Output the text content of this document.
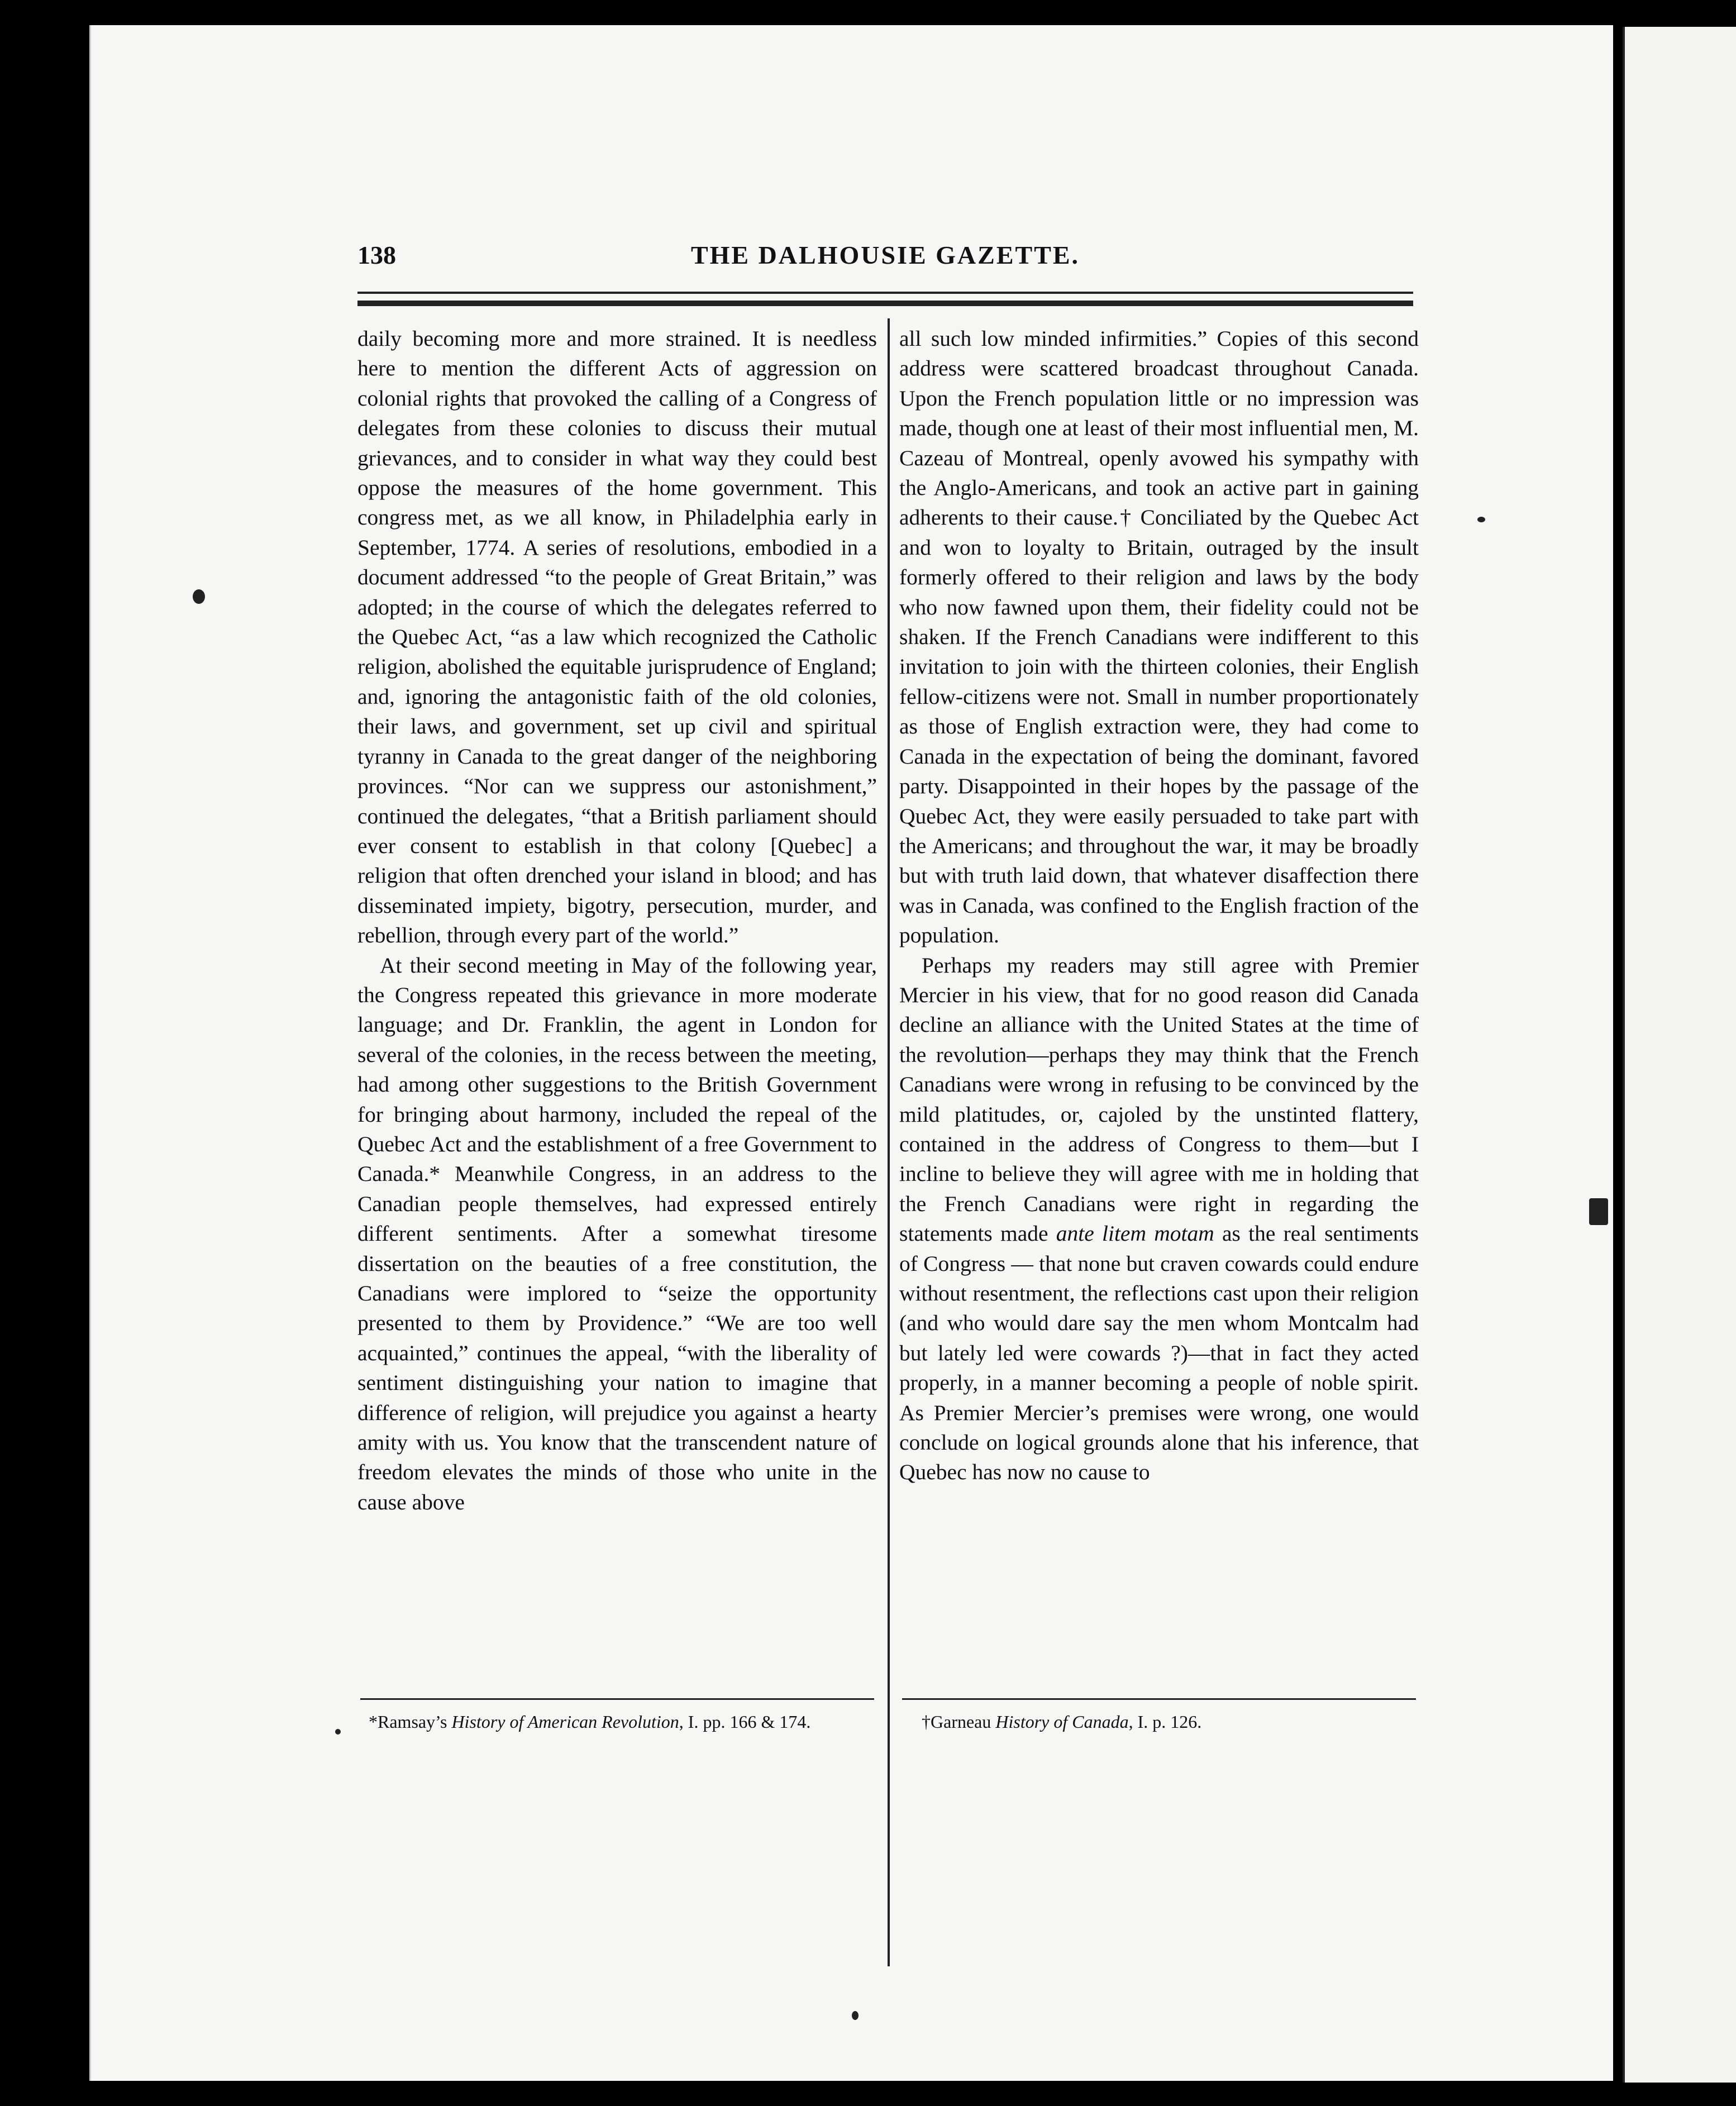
138	THE DALHOUSIE GAZETTE.

daily becoming more and more strained. It is needless here to mention the different Acts of aggression on colonial rights that provoked the calling of a Congress of delegates from these colonies to discuss their mutual grievances, and to consider in what way they could best oppose the measures of the home government. This congress met, as we all know, in Philadelphia early in September, 1774. A series of resolutions, embodied in a document addressed “to the people of Great Britain,” was adopted; in the course of which the delegates referred to the Quebec Act, “as a law which recognized the Catholic religion, abolished the equitable jurisprudence of England; and, ignoring the antagonistic faith of the old colonies, their laws, and government, set up civil and spiritual tyranny in Canada to the great danger of the neighboring provinces. “Nor can we suppress our astonishment,” continued the delegates, “that a British parliament should ever consent to establish in that colony [Quebec] a religion that often drenched your island in blood; and has disseminated impiety, bigotry, persecution, murder, and rebellion, through every part of the world.”

At their second meeting in May of the following year, the Congress repeated this grievance in more moderate language; and Dr. Franklin, the agent in London for several of the colonies, in the recess between the meeting, had among other suggestions to the British Government for bringing about harmony, included the repeal of the Quebec Act and the establishment of a free Government to Canada.* Meanwhile Congress, in an address to the Canadian people themselves, had expressed entirely different sentiments. After a somewhat tiresome dissertation on the beauties of a free constitution, the Canadians were implored to “seize the opportunity presented to them by Providence.” “We are too well acquainted,” continues the appeal, “with the liberality of sentiment distinguishing your nation to imagine that difference of religion, will prejudice you against a hearty amity with us. You know that the transcendent nature of freedom elevates the minds of those who unite in the cause above

all such low minded infirmities.” Copies of this second address were scattered broadcast throughout Canada. Upon the French population little or no impression was made, though one at least of their most influential men, M. Cazeau of Montreal, openly avowed his sympathy with the Anglo-Americans, and took an active part in gaining adherents to their cause.† Conciliated by the Quebec Act and won to loyalty to Britain, outraged by the insult formerly offered to their religion and laws by the body who now fawned upon them, their fidelity could not be shaken. If the French Canadians were indifferent to this invitation to join with the thirteen colonies, their English fellow-citizens were not. Small in number proportionately as those of English extraction were, they had come to Canada in the expectation of being the dominant, favored party. Disappointed in their hopes by the passage of the Quebec Act, they were easily persuaded to take part with the Americans; and throughout the war, it may be broadly but with truth laid down, that whatever disaffection there was in Canada, was confined to the English fraction of the population.

Perhaps my readers may still agree with Premier Mercier in his view, that for no good reason did Canada decline an alliance with the United States at the time of the revolution—perhaps they may think that the French Canadians were wrong in refusing to be convinced by the mild platitudes, or, cajoled by the unstinted flattery, contained in the address of Congress to them—but I incline to believe they will agree with me in holding that the French Canadians were right in regarding the statements made ante litem motam as the real sentiments of Congress — that none but craven cowards could endure without resentment, the reflections cast upon their religion (and who would dare say the men whom Montcalm had but lately led were cowards ?)—that in fact they acted properly, in a manner becoming a people of noble spirit. As Premier Mercier’s premises were wrong, one would conclude on logical grounds alone that his inference, that Quebec has now no cause to

*Ramsay’s History of American Revolution, I. pp. 166 & 174.	†Garneau History of Canada, I. p. 126.
